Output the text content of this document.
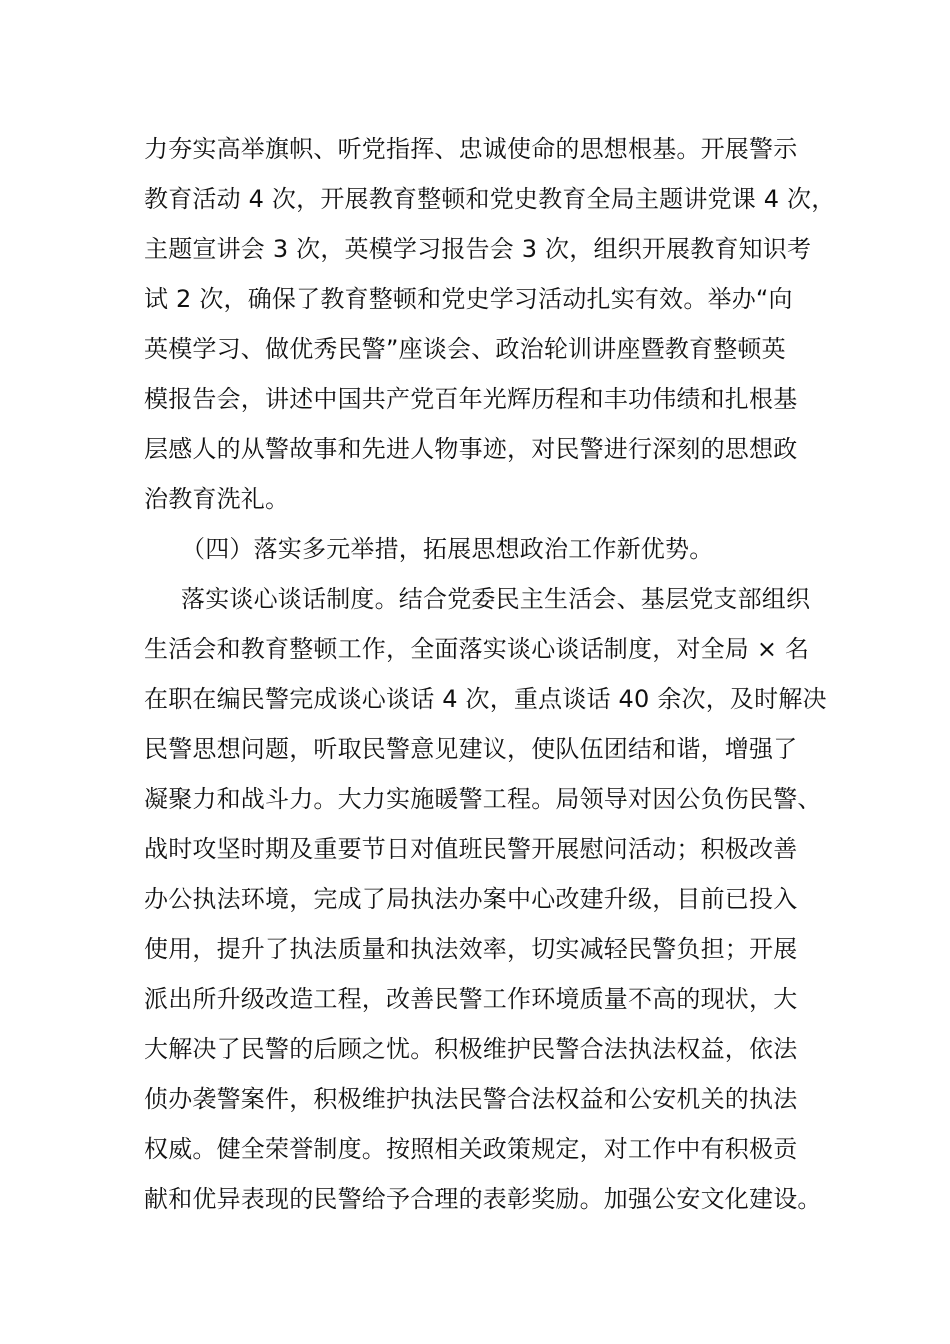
力夯实高举旗帜、听党指挥、忠诚使命的思想根基。开展警示
教育活动 4 次，开展教育整顿和党史教育全局主题讲党课 4 次，
主题宣讲会 3 次，英模学习报告会 3 次，组织开展教育知识考
试 2 次，确保了教育整顿和党史学习活动扎实有效。举办“向
英模学习、做优秀民警”座谈会、政治轮训讲座暨教育整顿英
模报告会，讲述中国共产党百年光辉历程和丰功伟绩和扎根基
层感人的从警故事和先进人物事迹，对民警进行深刻的思想政
治教育洗礼。
（四）落实多元举措，拓展思想政治工作新优势。
落实谈心谈话制度。结合党委民主生活会、基层党支部组织
生活会和教育整顿工作，全面落实谈心谈话制度，对全局 × 名
在职在编民警完成谈心谈话 4 次，重点谈话 40 余次，及时解决
民警思想问题，听取民警意见建议，使队伍团结和谐，增强了
凝聚力和战斗力。大力实施暖警工程。局领导对因公负伤民警、
战时攻坚时期及重要节日对值班民警开展慰问活动；积极改善
办公执法环境，完成了局执法办案中心改建升级，目前已投入
使用，提升了执法质量和执法效率，切实减轻民警负担；开展
派出所升级改造工程，改善民警工作环境质量不高的现状，大
大解决了民警的后顾之忧。积极维护民警合法执法权益，依法
侦办袭警案件，积极维护执法民警合法权益和公安机关的执法
权威。健全荣誉制度。按照相关政策规定，对工作中有积极贡
献和优异表现的民警给予合理的表彰奖励。加强公安文化建设。
